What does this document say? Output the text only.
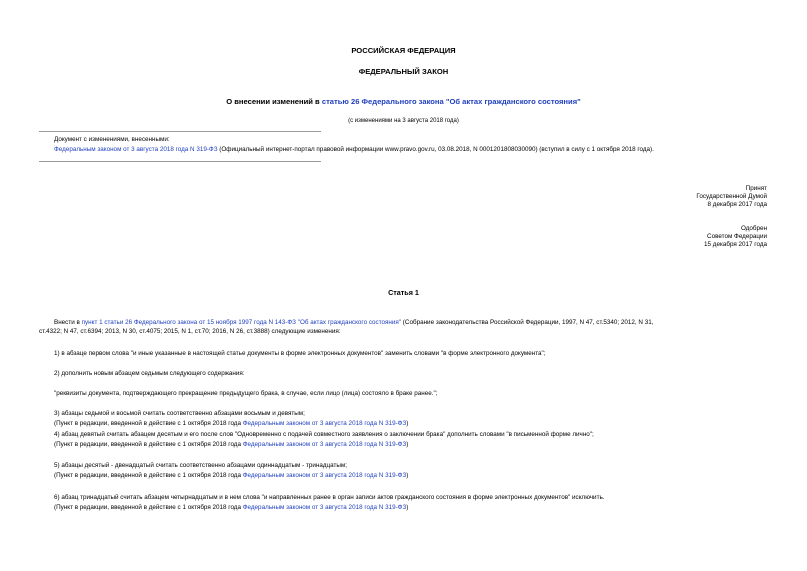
РОССИЙСКАЯ ФЕДЕРАЦИЯ
ФЕДЕРАЛЬНЫЙ ЗАКОН
О внесении изменений в статью 26 Федерального закона "Об актах гражданского состояния"
(с изменениями на 3 августа 2018 года)
Документ с изменениями, внесенными:
Федеральным законом от 3 августа 2018 года N 319-ФЗ (Официальный интернет-портал правовой информации www.pravo.gov.ru, 03.08.2018, N 0001201808030090) (вступил в силу с 1 октября 2018 года).
Принят
Государственной Думой
8 декабря 2017 года
Одобрен
Советом Федерации
15 декабря 2017 года
Статья 1
Внести в пункт 1 статьи 26 Федерального закона от 15 ноября 1997 года N 143-ФЗ "Об актах гражданского состояния" (Собрание законодательства Российской Федерации, 1997, N 47, ст.5340; 2012, N 31,
ст.4322; N 47, ст.6394; 2013, N 30, ст.4075; 2015, N 1, ст.70; 2016, N 26, ст.3888) следующие изменения:
1) в абзаце первом слова "и иные указанные в настоящей статье документы в форме электронных документов" заменить словами "в форме электронного документа";
2) дополнить новым абзацем седьмым следующего содержания:
"реквизиты документа, подтверждающего прекращение предыдущего брака, в случае, если лицо (лица) состояло в браке ранее.";
3) абзацы седьмой и восьмой считать соответственно абзацами восьмым и девятым;
(Пункт в редакции, введенной в действие с 1 октября 2018 года Федеральным законом от 3 августа 2018 года N 319-ФЗ)
4) абзац девятый считать абзацем десятым и его после слов "Одновременно с подачей совместного заявления о заключении брака" дополнить словами "в письменной форме лично";
(Пункт в редакции, введенной в действие с 1 октября 2018 года Федеральным законом от 3 августа 2018 года N 319-ФЗ)
5) абзацы десятый - двенадцатый считать соответственно абзацами одиннадцатым - тринадцатым;
(Пункт в редакции, введенной в действие с 1 октября 2018 года Федеральным законом от 3 августа 2018 года N 319-ФЗ)
6) абзац тринадцатый считать абзацем четырнадцатым и в нем слова "и направленных ранее в орган записи актов гражданского состояния в форме электронных документов" исключить.
(Пункт в редакции, введенной в действие с 1 октября 2018 года Федеральным законом от 3 августа 2018 года N 319-ФЗ)
